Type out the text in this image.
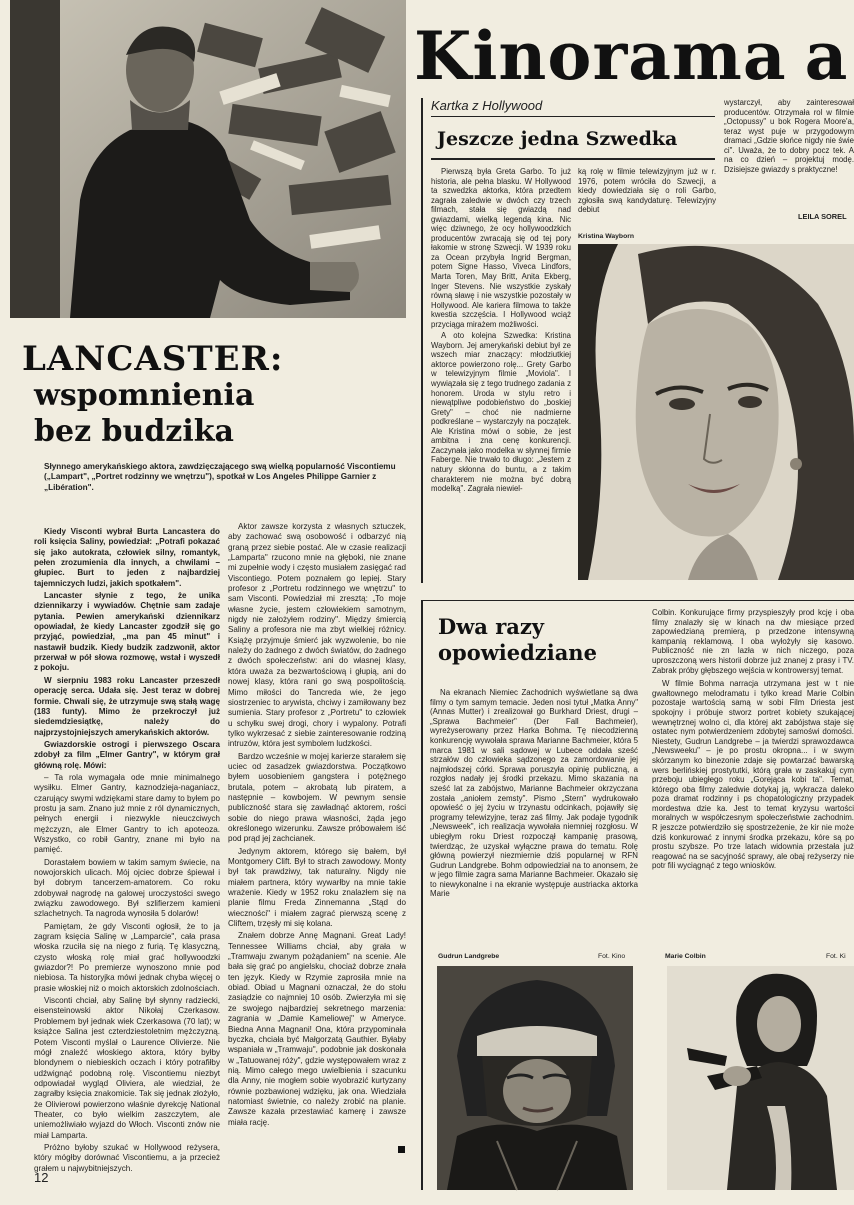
Kinorama a
Kartka z Hollywood
Jeszcze jedna Szwedka

Pierwszą była Greta Garbo. To już historia, ale pełna blasku. W Hollywood ta szwedzka aktorka, która przedtem zagrała zaledwie w dwóch czy trzech filmach, stała się gwiazdą nad gwiazdami, wielką legendą kina. Nic więc dziwnego, że ocy hollywoodzkich producentów zwracają się od tej pory łakomie w stronę Szwecji. W 1939 roku za Ocean przybyła Ingrid Bergman, potem Signe Hasso, Viveca Lindfors, Marta Toren, May Britt, Anita Ekberg, Inger Stevens. Nie wszystkie zyskały równą sławę i nie wszystkie pozostały w Hollywood. Ale kariera filmowa to także kwestia szczęścia. I Hollywood wciąż przyciąga mirażem możliwości.

A oto kolejna Szwedka: Kristina Wayborn. Jej amerykański debiut był ze wszech miar znaczący: młodziutkiej aktorce powierzono rolę... Grety Garbo w telewizyjnym filmie „Moviola". I wywiązała się z tego trudnego zadania z honorem. Uroda w stylu retro i niewątpliwe podobieństwo do „boskiej Grety" – choć nie nadmierne podkreślane – wystarczyły na początek. Ale Kristina mówi o sobie, że jest ambitna i zna cenę konkurencji. Zaczynała jako modelka w słynnej firmie Faberge. Nie trwało to długo: „Jestem z natury skłonna do buntu, a z takim charakterem nie można być dobrą modelką". Zagrała niewiel-

ką rolę w filmie telewizyjnym już w r. 1976, potem wróciła do Szwecji, a kiedy dowiedziała się o roli Garbo, zgłosiła swą kandydaturę. Telewizyjny debiut

Kristina Wayborn

wystarczył, aby zainteresował producentów. Otrzymała rol w filmie „Octopussy" u bok Rogera Moore'a, teraz wyst puje w przygodowym dramaci „Gdzie słońce nigdy nie świe ci". Uważa, że to dobry pocz tek. A na co dzień – projektuj modę. Dzisiejsze gwiazdy s praktyczne!

LEILA SOREL
LANCASTER:
wspomnienia
bez budzika
Słynnego amerykańskiego aktora, zawdzięczającego swą wielką popularność Viscontiemu („Lampart", „Portret rodzinny we wnętrzu"), spotkał w Los Angeles Philippe Garnier z „Libération".

Kiedy Visconti wybrał Burta Lancastera do roli księcia Saliny, powiedział: „Potrafi pokazać się jako autokrata, człowiek silny, romantyk, pełen zrozumienia dla innych, a chwilami – głupiec. Burt to jeden z najbardziej tajemniczych ludzi, jakich spotkałem".

Lancaster słynie z tego, że unika dziennikarzy i wywiadów. Chętnie sam zadaje pytania. Pewien amerykański dziennikarz opowiadał, że kiedy Lancaster zgodził się go przyjąć, powiedział, „ma pan 45 minut" i nastawił budzik. Kiedy budzik zadzwonił, aktor przerwał w pół słowa rozmowę, wstał i wyszedł z pokoju.

W sierpniu 1983 roku Lancaster przeszedł operację serca. Udała się. Jest teraz w dobrej formie. Chwali się, że utrzymuje swą stałą wagę (183 funty). Mimo że przekroczył już siedemdziesiątkę, należy do najprzystojniejszych amerykańskich aktorów.

Gwiazdorskie ostrogi i pierwszego Oscara zdobył za film „Elmer Gantry", w którym grał główną rolę. Mówi:

– Ta rola wymagała ode mnie minimalnego wysiłku. Elmer Gantry, kaznodzieja-naganiacz, czarujący swymi wdziękami stare damy to byłem po prostu ja sam. Znano już mnie z ról dynamicznych, pełnych energii i niezwykle nieuczciwych mężczyzn, ale Elmer Gantry to ich apoteoza. Wszystko, co robił Gantry, znane mi było na pamięć.

Dorastałem bowiem w takim samym świecie, na nowojorskich ulicach. Mój ojciec dobrze śpiewał i był dobrym tancerzem-amatorem. Co roku zdobywał nagrodę na galowej uroczystości swego związku zawodowego. Był szlifierzem kamieni szlachetnych. Ta nagroda wynosiła 5 dolarów!

Pamiętam, że gdy Visconti ogłosił, że to ja zagram księcia Salinę w „Lamparcie", cała prasa włoska rzuciła się na niego z furią. Tę klasyczną, czysto włoską rolę miał grać hollywoodzki gwiazdor?! Po premierze wynoszono mnie pod niebiosa. Ta historyjka mówi jednak chyba więcej o prasie włoskiej niż o moich aktorskich zdolnościach.

Visconti chciał, aby Salinę był słynny radziecki, eisensteinowski aktor Nikołaj Czerkasow. Problemem był jednak wiek Czerkasowa (70 lat); w książce Salina jest czterdziestoletnim mężczyzną. Potem Visconti myślał o Laurence Olivierze. Nie mógł znaleźć włoskiego aktora, który byłby blondynem o niebieskich oczach i który potrafiłby udźwignąć podobną rolę. Viscontiemu niezbyt odpowiadał wygląd Oliviera, ale wiedział, że zagrałby księcia znakomicie. Tak się jednak złożyło, że Olivierowi powierzono właśnie dyrekcję National Theater, co było wielkim zaszczytem, ale uniemożliwiało wyjazd do Włoch. Visconti znów nie miał Lamparta.

Próżno byłoby szukać w Hollywood reżysera, który mógłby dorównać Viscontiemu, a ja przecież grałem u najwybitniejszych.

Aktor zawsze korzysta z własnych sztuczek, aby zachować swą osobowość i odbarzyć nią graną przez siebie postać. Ale w czasie realizacji „Lamparta" rzucono mnie na głęboki, nie znane mi zupełnie wody i często musiałem zasięgać rad Viscontiego. Potem poznałem go lepiej. Stary profesor z „Portretu rodzinnego we wnętrzu" to sam Visconti. Powiedział mi zresztą: „To moje własne życie, jestem człowiekiem samotnym, nigdy nie założyłem rodziny". Między śmiercią Saliny a profesora nie ma zbyt wielkiej różnicy. Książę przyjmuje śmierć jak wyzwolenie, bo nie należy do żadnego z dwóch światów, do żadnego z dwóch społeczeństw: ani do własnej klasy, która uważa za bezwartościową i głupią, ani do nowej klasy, która rani go swą pospolitością. Mimo miłości do Tancreda wie, że jego siostrzeniec to arywista, chciwy i zamiłowany bez sumienia. Stary profesor z „Portretu" to człowiek u schyłku swej drogi, chory i wypalony. Potrafi tylko wykrzesać z siebie zainteresowanie rodziną intruzów, która jest symbolem ludzkości.

Bardzo wcześnie w mojej karierze starałem się uciec od zasadzek gwiazdorstwa. Początkowo byłem uosobieniem gangstera i potężnego brutala, potem – akrobatą lub piratem, a następnie – kowbojem. W pewnym sensie publiczność stara się zawładnąć aktorem, rości sobie do niego prawa własności, żąda jego określonego wizerunku. Zawsze próbowałem iść pod prąd jej zachcianek.

Jedynym aktorem, którego się bałem, był Montgomery Clift. Był to strach zawodowy. Monty był tak prawdziwy, tak naturalny. Nigdy nie miałem partnera, który wywarłby na mnie takie wrażenie. Kiedy w 1952 roku znalazłem się na planie filmu Freda Zinnemanna „Stąd do wieczności" i miałem zagrać pierwszą scenę z Cliftem, trzęsły mi się kolana.

Znałem dobrze Annę Magnani. Great Lady! Tennessee Williams chciał, aby grała w „Tramwaju zwanym pożądaniem" na scenie. Ale bała się grać po angielsku, chociaż dobrze znała ten język. Kiedy w Rzymie zaprosiła mnie na obiad. Obiad u Magnani oznaczał, że do stołu zasiądzie co najmniej 10 osób. Zwierzyła mi się ze swojego najbardziej sekretnego marzenia: zagrania w „Damie Kameliowej" w Ameryce. Biedna Anna Magnani! Ona, która przypominała byczka, chciała być Małgorzatą Gauthier. Byłaby wspaniała w „Tramwaju", podobnie jak doskonała w „Tatuowanej róży", gdzie występowałem wraz z nią. Mimo całego mego uwielbienia i szacunku dla Anny, nie mogłem sobie wyobrazić kurtyzany równie pozbawionej wdzięku, jak ona. Wiedziała natomiast świetnie, co należy zrobić na planie. Zawsze kazała przestawiać kamerę i zawsze miała rację.

12
Dwa razy
opowiedziane

Na ekranach Niemiec Zachodnich wyświetlane są dwa filmy o tym samym temacie. Jeden nosi tytuł „Matka Anny" (Annas Mutter) i zrealizował go Burkhard Driest, drugi – „Sprawa Bachmeier" (Der Fall Bachmeier), wyreżyserowany przez Harka Bohma. Tę niecodzienną konkurencję wywołała sprawa Marianne Bachmeier, która 5 marca 1981 w sali sądowej w Lubece oddała sześć strzałów do człowieka sądzonego za zamordowanie jej najmłodszej córki. Sprawa poruszyła opinię publiczną, a rozgłos nadały jej środki przekazu. Mimo skazania na sześć lat za zabójstwo, Marianne Bachmeier okrzyczana została „aniołem zemsty". Pismo „Stern" wydrukowało opowieść o jej życiu w trzynastu odcinkach, pojawiły się programy telewizyjne, teraz zaś filmy. Jak podaje tygodnik „Newsweek", ich realizacja wywołała niemniej rozgłosu. W ubiegłym roku Driest rozpoczął kampanię prasową, twierdząc, że uzyskał wyłączne prawa do tematu. Rolę główną powierzył niezmiernie dziś popularnej w RFN Gudrun Landgrebe. Bohm odpowiedział na to anonsem, że w jego filmie zagra sama Marianne Bachmeier. Okazało się to niewykonalne i na ekranie występuje austriacka aktorka Marie

Colbin. Konkurujące firmy przyspieszyły prod kcję i oba filmy znalazły się w kinach na dw miesiące przed zapowiedzianą premierą, p przedzone intensywną kampanią reklamową. I oba wyłożyły się kasowo. Publiczność nie zn lazła w nich niczego, poza uproszczoną wers historii dobrze już znanej z prasy i TV. Zabrak próby głębszego wejścia w kontrowersyj temat.

W filmie Bohma narracja utrzymana jest w t nie gwałtownego melodramatu i tylko kread Marie Colbin pozostaje wartością samą w sobi Film Driesta jest spokojny i próbuje stworz portret kobiety szukającej wewnętrznej wolno ci, dla której akt zabójstwa staje się ostatec nym potwierdzeniem zdobytej samoświ domości. Niestety, Gudrun Landgrebe – ja twierdzi sprawozdawca „Newsweeku" – je po prostu okropna... i w swym skórzanym ko binezonie zdaje się powtarzać bawarską wers berlińskiej prostytutki, którą grała w zaskakuj cym przeboju ubiegłego roku „Gorejąca kobi ta". Temat, którego oba filmy zaledwie dotykaj ją, wykracza daleko poza dramat rodzinny i ps chopatologiczny przypadek mordestwa dzie ka. Jest to temat kryzysu wartości moralnych w współczesnym społeczeństwie zachodnim. R jeszcze potwierdziło się spostrzeżenie, że kir nie może dziś konkurować z innymi środka przekazu, kóre są po prostu szybsze. Po trze latach widownia przestała już reagować na se sacyjność sprawy, ale obaj reżyserzy nie potr fili wyciągnąć z tego wniosków.

Gudrun Landgrebe	Fot. Kino	Marie Colbin	Fot. Ki
